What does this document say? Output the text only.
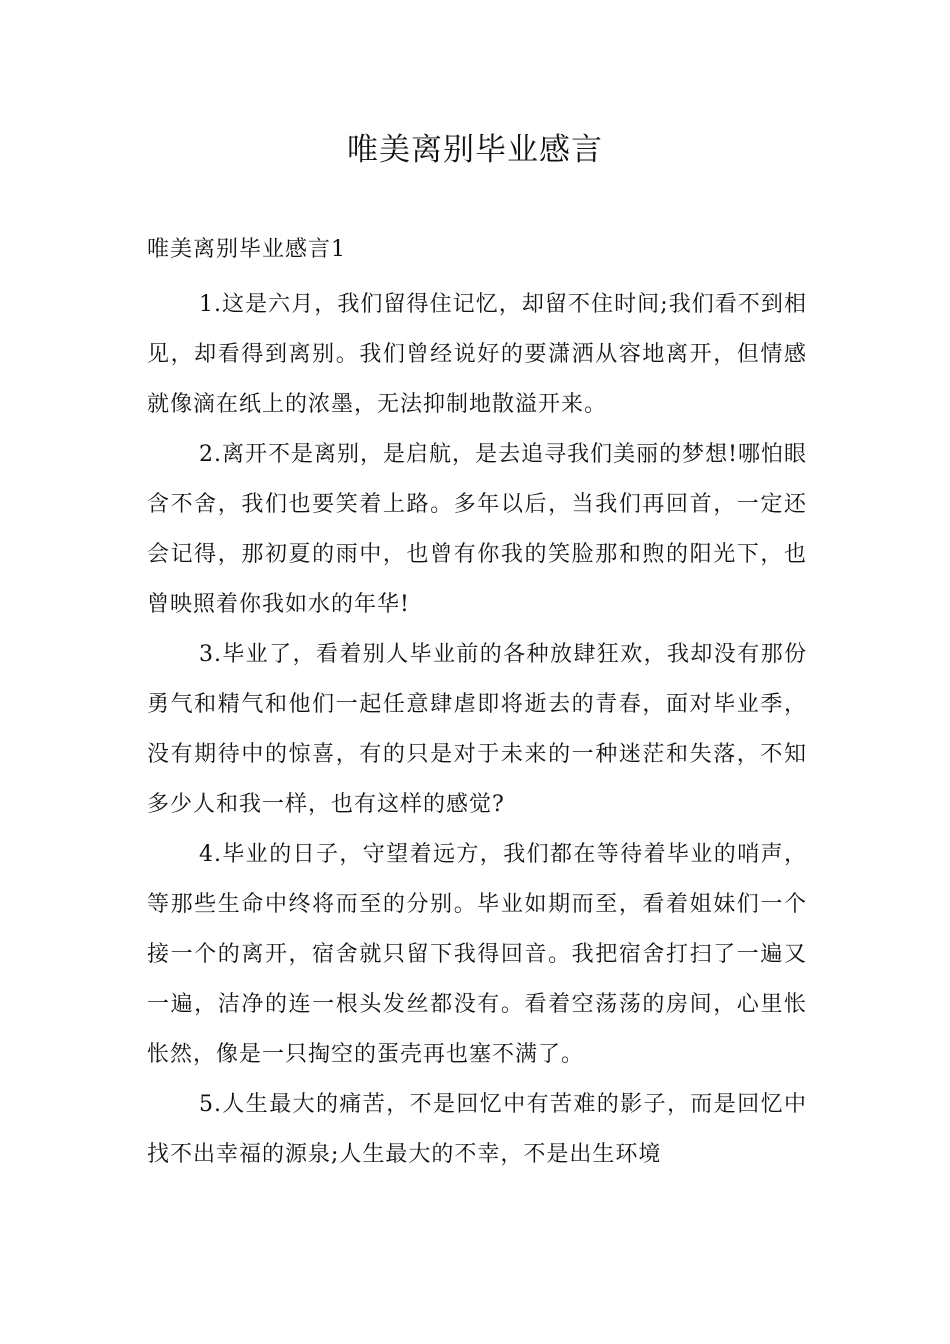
唯美离别毕业感言

唯美离别毕业感言1

1.这是六月，我们留得住记忆，却留不住时间;我们看不到相见，却看得到离别。我们曾经说好的要潇洒从容地离开，但情感就像滴在纸上的浓墨，无法抑制地散溢开来。

2.离开不是离别，是启航，是去追寻我们美丽的梦想!哪怕眼含不舍，我们也要笑着上路。多年以后，当我们再回首，一定还会记得，那初夏的雨中，也曾有你我的笑脸那和煦的阳光下，也曾映照着你我如水的年华!

3.毕业了，看着别人毕业前的各种放肆狂欢，我却没有那份勇气和精气和他们一起任意肆虐即将逝去的青春，面对毕业季，没有期待中的惊喜，有的只是对于未来的一种迷茫和失落，不知多少人和我一样，也有这样的感觉?

4.毕业的日子，守望着远方，我们都在等待着毕业的哨声，等那些生命中终将而至的分别。毕业如期而至，看着姐妹们一个接一个的离开，宿舍就只留下我得回音。我把宿舍打扫了一遍又一遍，洁净的连一根头发丝都没有。看着空荡荡的房间，心里怅怅然，像是一只掏空的蛋壳再也塞不满了。

5.人生最大的痛苦，不是回忆中有苦难的影子，而是回忆中找不出幸福的源泉;人生最大的不幸，不是出生环境
